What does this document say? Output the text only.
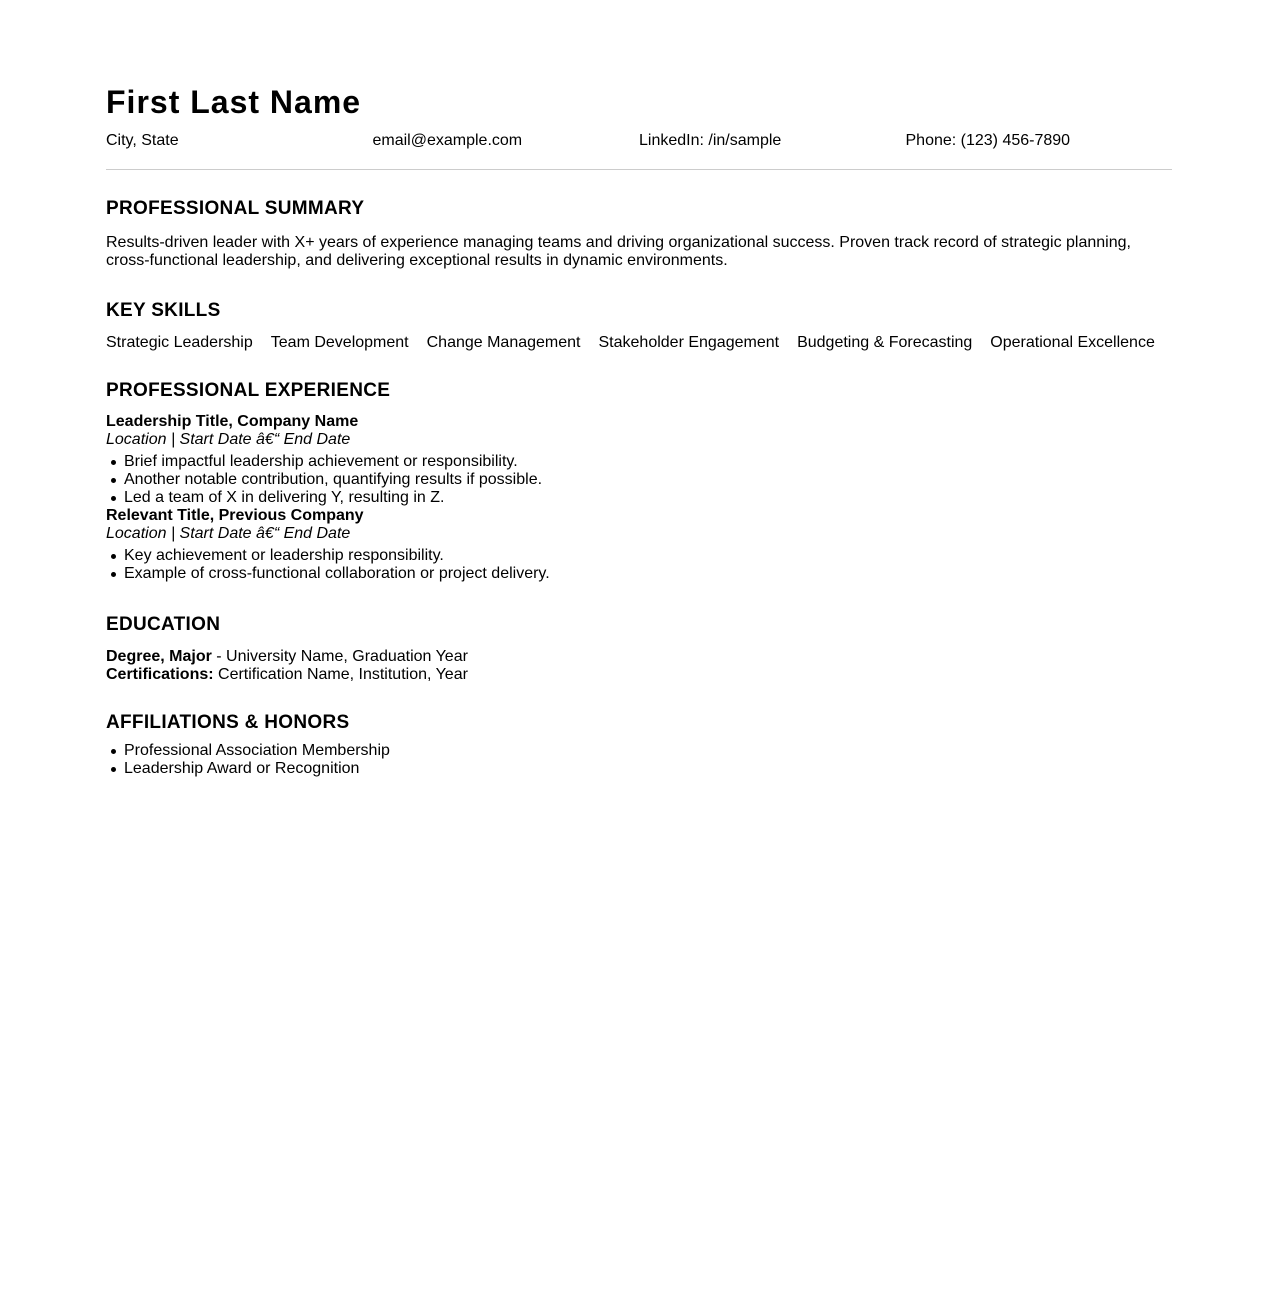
First Last Name
City, State	email@example.com	LinkedIn: /in/sample	Phone: (123) 456-7890
PROFESSIONAL SUMMARY

Results-driven leader with X+ years of experience managing teams and driving organizational success. Proven track record of strategic planning, cross-functional leadership, and delivering exceptional results in dynamic environments.

KEY SKILLS
Strategic Leadership Team Development Change Management Stakeholder Engagement Budgeting & Forecasting Operational Excellence
PROFESSIONAL EXPERIENCE
Leadership Title, Company Name
Location | Start Date â€“ End Date
Brief impactful leadership achievement or responsibility.
Another notable contribution, quantifying results if possible.
Led a team of X in delivering Y, resulting in Z.
Relevant Title, Previous Company
Location | Start Date â€“ End Date
Key achievement or leadership responsibility.
Example of cross-functional collaboration or project delivery.
EDUCATION
Degree, Major - University Name, Graduation Year
Certifications: Certification Name, Institution, Year
AFFILIATIONS & HONORS
Professional Association Membership
Leadership Award or Recognition
